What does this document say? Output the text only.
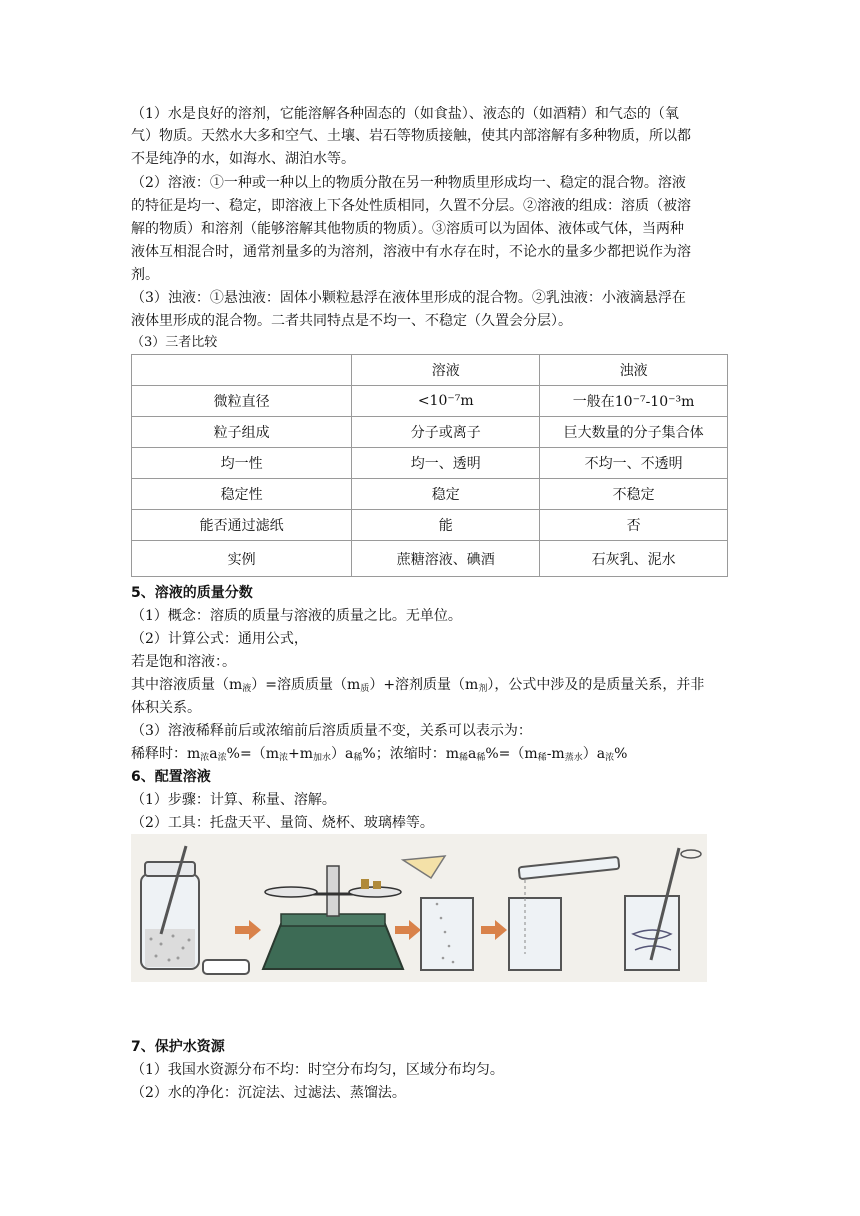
（1）水是良好的溶剂，它能溶解各种固态的（如食盐）、液态的（如酒精）和气态的（氧
气）物质。天然水大多和空气、土壤、岩石等物质接触，使其内部溶解有多种物质，所以都
不是纯净的水，如海水、湖泊水等。
（2）溶液：①一种或一种以上的物质分散在另一种物质里形成均一、稳定的混合物。溶液
的特征是均一、稳定，即溶液上下各处性质相同，久置不分层。②溶液的组成：溶质（被溶
解的物质）和溶剂（能够溶解其他物质的物质）。③溶质可以为固体、液体或气体，当两种
液体互相混合时，通常剂量多的为溶剂，溶液中有水存在时，不论水的量多少都把说作为溶
剂。
（3）浊液：①悬浊液：固体小颗粒悬浮在液体里形成的混合物。②乳浊液：小液滴悬浮在
液体里形成的混合物。二者共同特点是不均一、不稳定（久置会分层）。
（3）三者比较
	溶液	浊液
微粒直径	<10⁻⁷m	一般在10⁻⁷-10⁻³m
粒子组成	分子或离子	巨大数量的分子集合体
均一性	均一、透明	不均一、不透明
稳定性	稳定	不稳定
能否通过滤纸	能	否
实例	蔗糖溶液、碘酒	石灰乳、泥水
5、溶液的质量分数
（1）概念：溶质的质量与溶液的质量之比。无单位。
（2）计算公式：通用公式，
若是饱和溶液：。
其中溶液质量$(m_液)=$溶质质量$(m_质)+$溶剂质量$(m_剂)$，公式中涉及的是质量关系，并非
体积关系。
（3）溶液稀释前后或浓缩前后溶质质量不变，关系可以表示为：
稀释时：$m_浓a_浓\%=(m_浓+m_{加水})a_稀\%$；浓缩时：$m_稀a_稀\%=(m_稀-m_{蒸水})a_浓\%$
6、配置溶液
（1）步骤：计算、称量、溶解。
（2）工具：托盘天平、量筒、烧杯、玻璃棒等。
7、保护水资源
（1）我国水资源分布不均：时空分布均匀，区域分布均匀。
（2）水的净化：沉淀法、过滤法、蒸馏法。
